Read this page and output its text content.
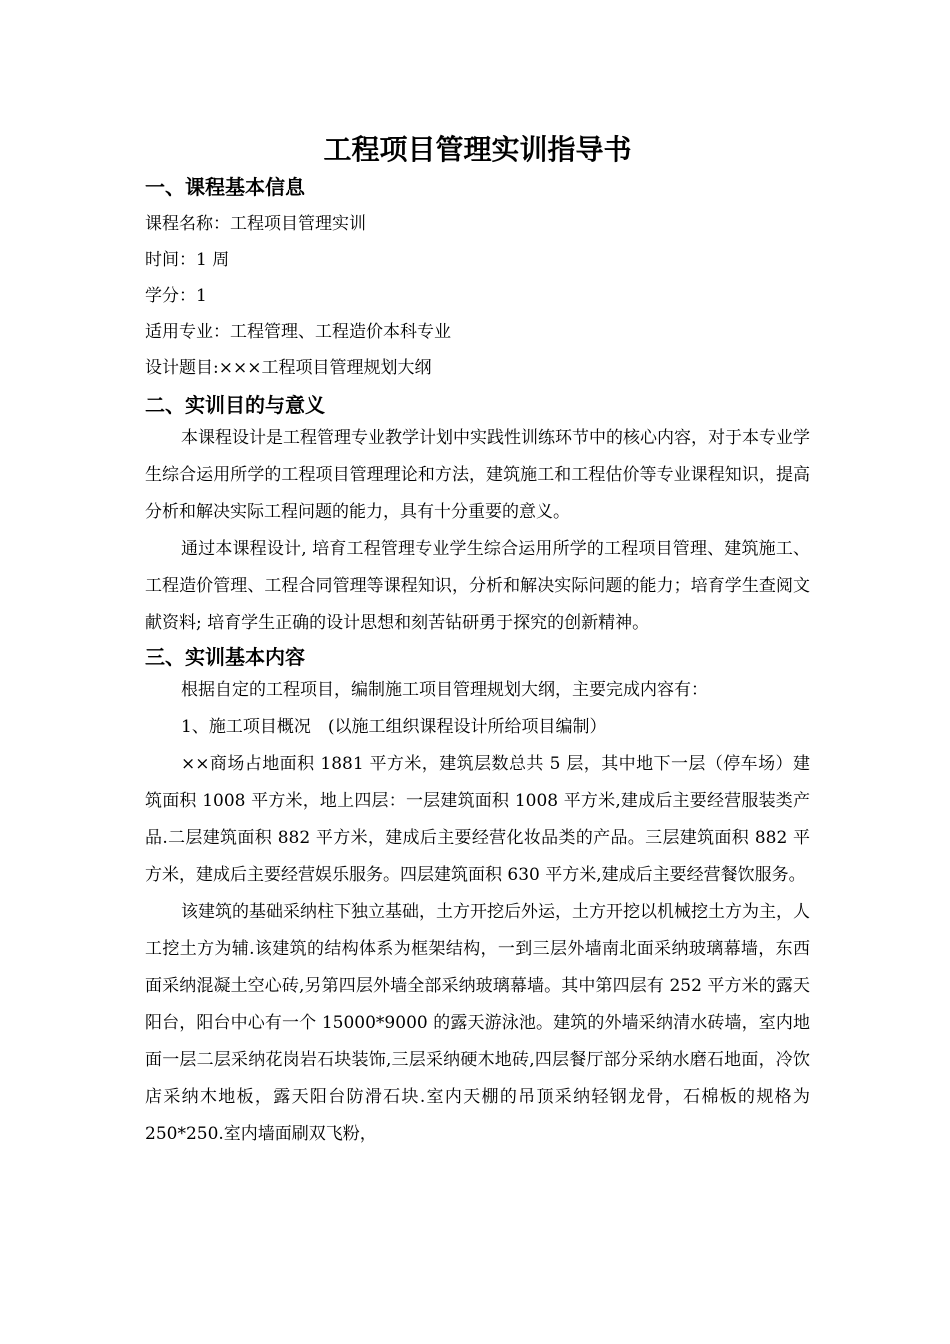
工程项目管理实训指导书
一、课程基本信息

课程名称：工程项目管理实训

时间：1 周

学分：1

适用专业：工程管理、工程造价本科专业

设计题目:×××工程项目管理规划大纲

二、实训目的与意义

本课程设计是工程管理专业教学计划中实践性训练环节中的核心内容，对于本专业学生综合运用所学的工程项目管理理论和方法，建筑施工和工程估价等专业课程知识，提高分析和解决实际工程问题的能力，具有十分重要的意义。

通过本课程设计, 培育工程管理专业学生综合运用所学的工程项目管理、建筑施工、工程造价管理、工程合同管理等课程知识，分析和解决实际问题的能力；培育学生查阅文献资料; 培育学生正确的设计思想和刻苦钻研勇于探究的创新精神。

三、实训基本内容

根据自定的工程项目，编制施工项目管理规划大纲，主要完成内容有：

1、施工项目概况　(以施工组织课程设计所给项目编制）

××商场占地面积 1881 平方米，建筑层数总共 5 层，其中地下一层（停车场）建筑面积 1008 平方米，地上四层：一层建筑面积 1008 平方米,建成后主要经营服装类产品.二层建筑面积 882 平方米，建成后主要经营化妆品类的产品。三层建筑面积 882 平方米，建成后主要经营娱乐服务。四层建筑面积 630 平方米,建成后主要经营餐饮服务。

该建筑的基础采纳柱下独立基础，土方开挖后外运，土方开挖以机械挖土方为主，人工挖土方为辅.该建筑的结构体系为框架结构，一到三层外墙南北面采纳玻璃幕墙，东西面采纳混凝土空心砖,另第四层外墙全部采纳玻璃幕墙。其中第四层有 252 平方米的露天阳台，阳台中心有一个 15000*9000 的露天游泳池。建筑的外墙采纳清水砖墙，室内地面一层二层采纳花岗岩石块装饰,三层采纳硬木地砖,四层餐厅部分采纳水磨石地面，冷饮店采纳木地板，露天阳台防滑石块.室内天棚的吊顶采纳轻钢龙骨，石棉板的规格为 250*250.室内墙面刷双飞粉，
